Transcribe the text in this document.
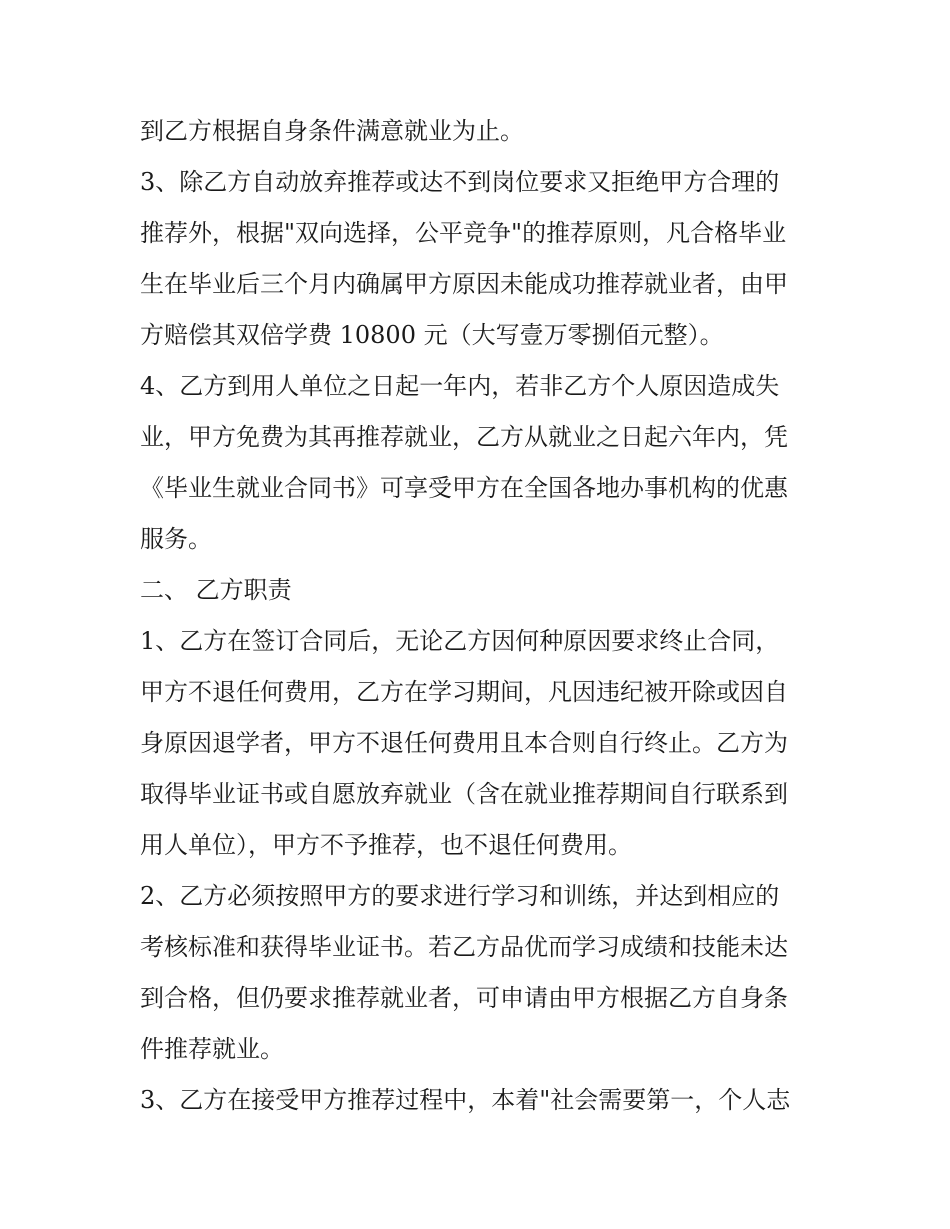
到乙方根据自身条件满意就业为止。
3、除乙方自动放弃推荐或达不到岗位要求又拒绝甲方合理的
推荐外，根据"双向选择，公平竞争"的推荐原则，凡合格毕业
生在毕业后三个月内确属甲方原因未能成功推荐就业者，由甲
方赔偿其双倍学费 10800 元（大写壹万零捌佰元整）。
4、乙方到用人单位之日起一年内，若非乙方个人原因造成失
业，甲方免费为其再推荐就业，乙方从就业之日起六年内，凭
《毕业生就业合同书》可享受甲方在全国各地办事机构的优惠
服务。
二、 乙方职责
1、乙方在签订合同后，无论乙方因何种原因要求终止合同，
甲方不退任何费用，乙方在学习期间，凡因违纪被开除或因自
身原因退学者，甲方不退任何费用且本合则自行终止。乙方为
取得毕业证书或自愿放弃就业（含在就业推荐期间自行联系到
用人单位），甲方不予推荐，也不退任何费用。
2、乙方必须按照甲方的要求进行学习和训练，并达到相应的
考核标准和获得毕业证书。若乙方品优而学习成绩和技能未达
到合格，但仍要求推荐就业者，可申请由甲方根据乙方自身条
件推荐就业。
3、乙方在接受甲方推荐过程中，本着"社会需要第一，个人志
